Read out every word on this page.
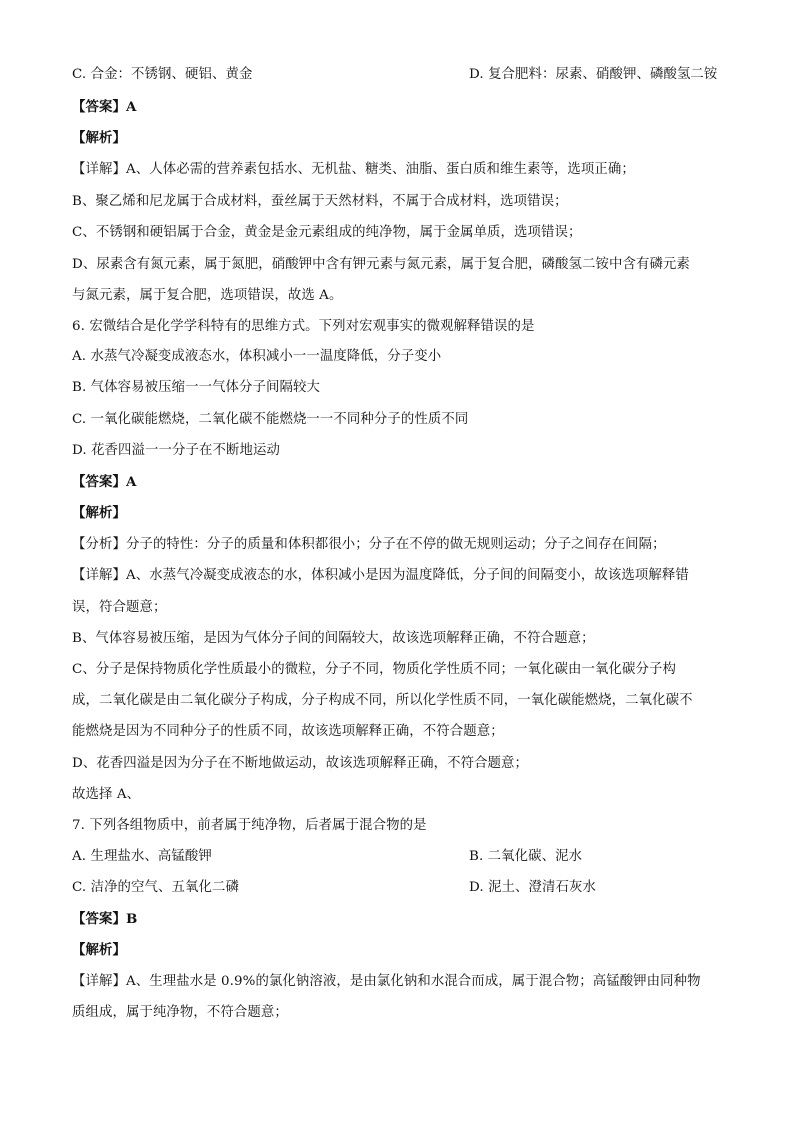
C. 合金：不锈钢、硬铝、黄金	D. 复合肥料：尿素、硝酸钾、磷酸氢二铵
【答案】A
【解析】
【详解】A、人体必需的营养素包括水、无机盐、糖类、油脂、蛋白质和维生素等，选项正确；
B、聚乙烯和尼龙属于合成材料，蚕丝属于天然材料，不属于合成材料，选项错误；
C、不锈钢和硬铝属于合金，黄金是金元素组成的纯净物，属于金属单质，选项错误；
D、尿素含有氮元素，属于氮肥，硝酸钾中含有钾元素与氮元素，属于复合肥，磷酸氢二铵中含有磷元素
与氮元素，属于复合肥，选项错误，故选 A。
6. 宏微结合是化学学科特有的思维方式。下列对宏观事实的微观解释错误的是
A. 水蒸气冷凝变成液态水，体积减小一一温度降低，分子变小
B. 气体容易被压缩一一气体分子间隔较大
C. 一氧化碳能燃烧，二氧化碳不能燃烧一一不同种分子的性质不同
D. 花香四溢一一分子在不断地运动
【答案】A
【解析】
【分析】分子的特性：分子的质量和体积都很小；分子在不停的做无规则运动；分子之间存在间隔；
【详解】A、水蒸气冷凝变成液态的水，体积减小是因为温度降低，分子间的间隔变小，故该选项解释错
误，符合题意；
B、气体容易被压缩，是因为气体分子间的间隔较大，故该选项解释正确，不符合题意；
C、分子是保持物质化学性质最小的微粒，分子不同，物质化学性质不同；一氧化碳由一氧化碳分子构
成，二氧化碳是由二氧化碳分子构成，分子构成不同，所以化学性质不同，一氧化碳能燃烧，二氧化碳不
能燃烧是因为不同种分子的性质不同，故该选项解释正确，不符合题意；
D、花香四溢是因为分子在不断地做运动，故该选项解释正确，不符合题意；
故选择 A、
7. 下列各组物质中，前者属于纯净物，后者属于混合物的是
A. 生理盐水、高锰酸钾	B. 二氧化碳、泥水
C. 洁净的空气、五氧化二磷	D. 泥土、澄清石灰水
【答案】B
【解析】
【详解】A、生理盐水是 0.9%的氯化钠溶液，是由氯化钠和水混合而成，属于混合物；高锰酸钾由同种物
质组成，属于纯净物，不符合题意；
